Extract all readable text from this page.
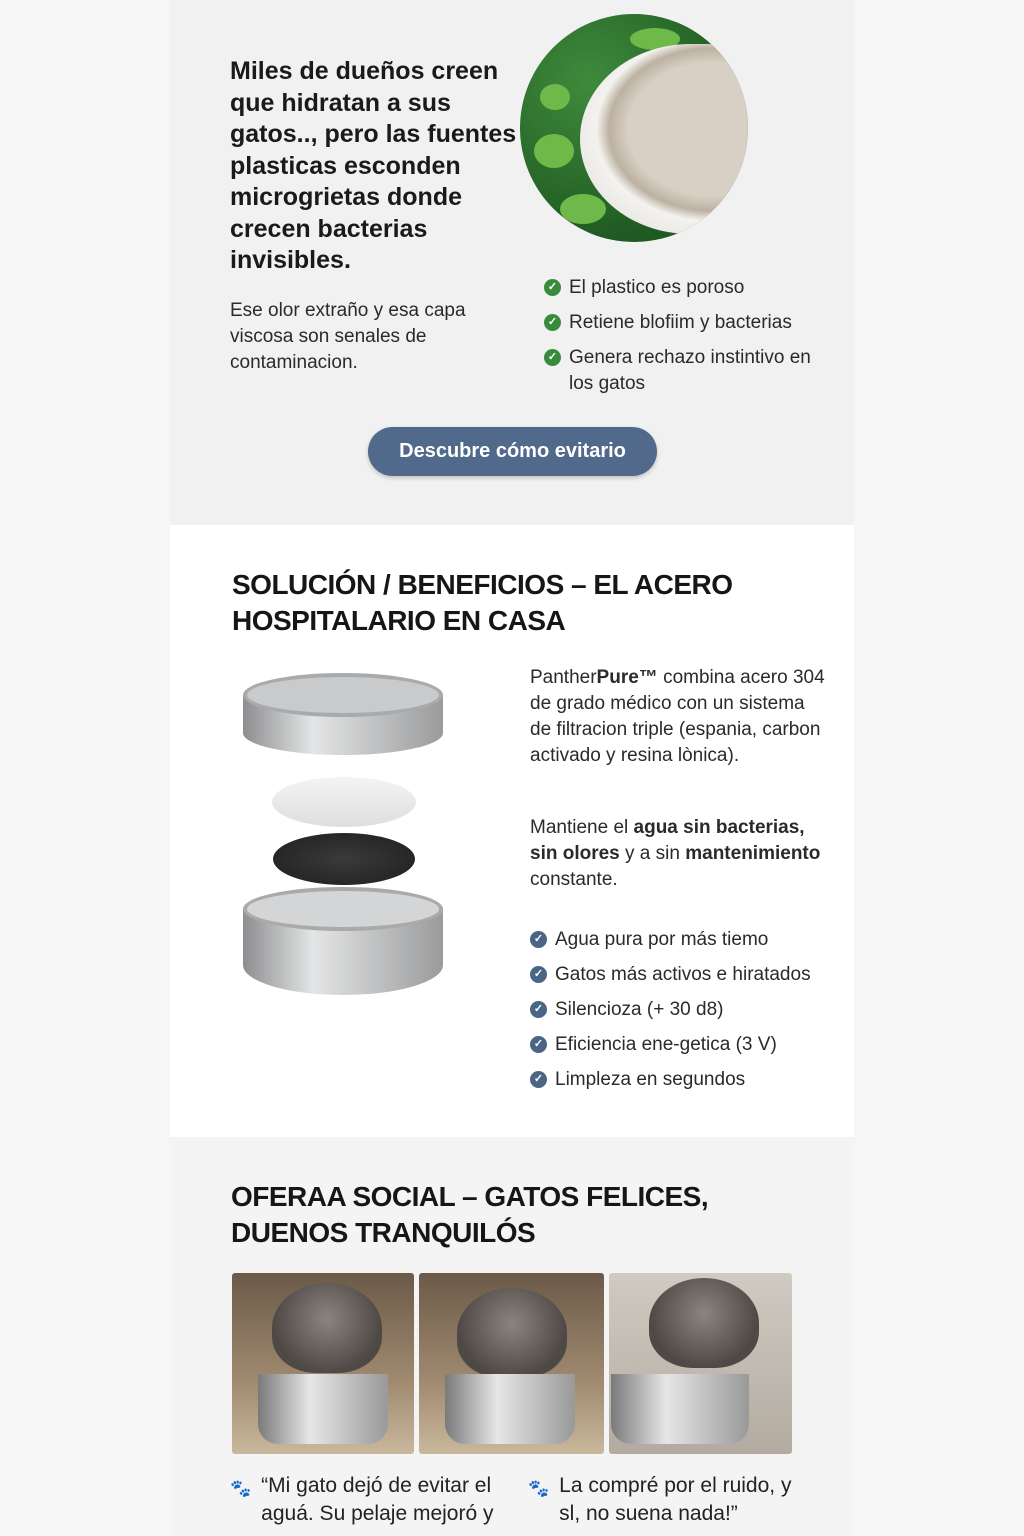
Miles de dueños creen que hidratan a sus gatos.., pero las fuentes plasticas esconden microgrietas donde crecen bacterias invisibles.

Ese olor extraño y esa capa viscosa son senales de contaminacion.

✓ El plastico es poroso
✓ Retiene blofiim y bacterias
✓ Genera rechazo instintivo en los gatos
Descubre cómo evitario
SOLUCIÓN / BENEFICIOS – EL ACERO HOSPITALARIO EN CASA

PantherPure™ combina acero 304 de grado médico con un sistema de filtracion triple (espania, carbon activado y resina lònica).

Mantiene el agua sin bacterias, sin olores y a sin mantenimiento constante.

✓ Agua pura por más tiemo
✓ Gatos más activos e hiratados
✓ Silencioza (+ 30 d8)
✓ Eficiencia ene-getica (3 V)
✓ Limpleza en segundos
OFERAA SOCIAL – GATOS FELICES, DUENOS TRANQUILÓS
🐾 “Mi gato dejó de evitar el aguá. Su pelaje mejoró y
🐾 La compré por el ruido, y sl, no suena nada!”
